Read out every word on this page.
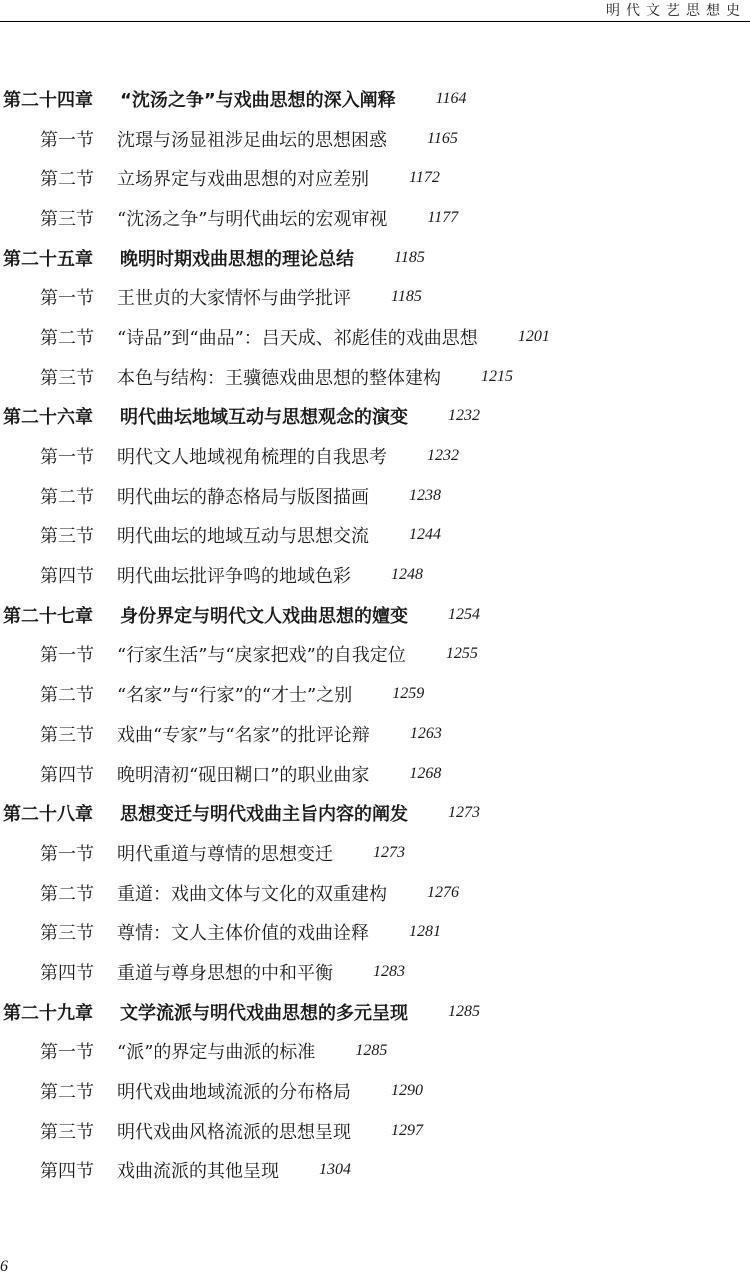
明代文艺思想史
第二十四章	“沈汤之争”与戏曲思想的深入阐释	1164
第一节	沈璟与汤显祖涉足曲坛的思想困惑	1165
第二节	立场界定与戏曲思想的对应差别	1172
第三节	“沈汤之争”与明代曲坛的宏观审视	1177
第二十五章	晚明时期戏曲思想的理论总结	1185
第一节	王世贞的大家情怀与曲学批评	1185
第二节	“诗品”到“曲品”：吕天成、祁彪佳的戏曲思想	1201
第三节	本色与结构：王骥德戏曲思想的整体建构	1215
第二十六章	明代曲坛地域互动与思想观念的演变	1232
第一节	明代文人地域视角梳理的自我思考	1232
第二节	明代曲坛的静态格局与版图描画	1238
第三节	明代曲坛的地域互动与思想交流	1244
第四节	明代曲坛批评争鸣的地域色彩	1248
第二十七章	身份界定与明代文人戏曲思想的嬗变	1254
第一节	“行家生活”与“戾家把戏”的自我定位	1255
第二节	“名家”与“行家”的“才士”之别	1259
第三节	戏曲“专家”与“名家”的批评论辩	1263
第四节	晚明清初“砚田糊口”的职业曲家	1268
第二十八章	思想变迁与明代戏曲主旨内容的阐发	1273
第一节	明代重道与尊情的思想变迁	1273
第二节	重道：戏曲文体与文化的双重建构	1276
第三节	尊情：文人主体价值的戏曲诠释	1281
第四节	重道与尊身思想的中和平衡	1283
第二十九章	文学流派与明代戏曲思想的多元呈现	1285
第一节	“派”的界定与曲派的标准	1285
第二节	明代戏曲地域流派的分布格局	1290
第三节	明代戏曲风格流派的思想呈现	1297
第四节	戏曲流派的其他呈现	1304
6
